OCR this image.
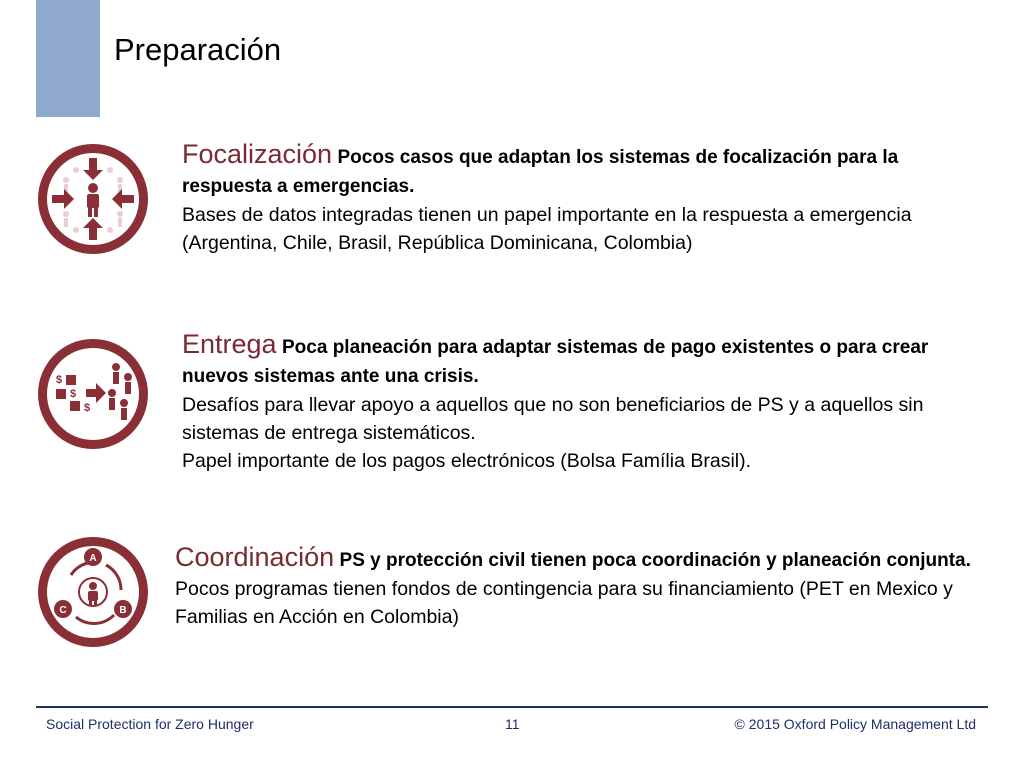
Preparación
Focalización Pocos casos que adaptan los sistemas de focalización para la respuesta a emergencias.
Bases de datos integradas tienen un papel importante en la respuesta a emergencia (Argentina, Chile, Brasil, República Dominicana, Colombia)
$
$
$
Entrega Poca planeación para adaptar sistemas de pago existentes o para crear nuevos sistemas ante una crisis.
Desafíos para llevar apoyo a aquellos que no son beneficiarios de PS y a aquellos sin sistemas de entrega sistemáticos.
Papel importante de los pagos electrónicos (Bolsa Família Brasil).
A
B
C
Coordinación PS y protección civil tienen poca coordinación y planeación conjunta.
Pocos programas tienen fondos de contingencia para su financiamiento (PET en Mexico y Familias en Acción en Colombia)
Social Protection for Zero Hunger	11	© 2015 Oxford Policy Management Ltd
